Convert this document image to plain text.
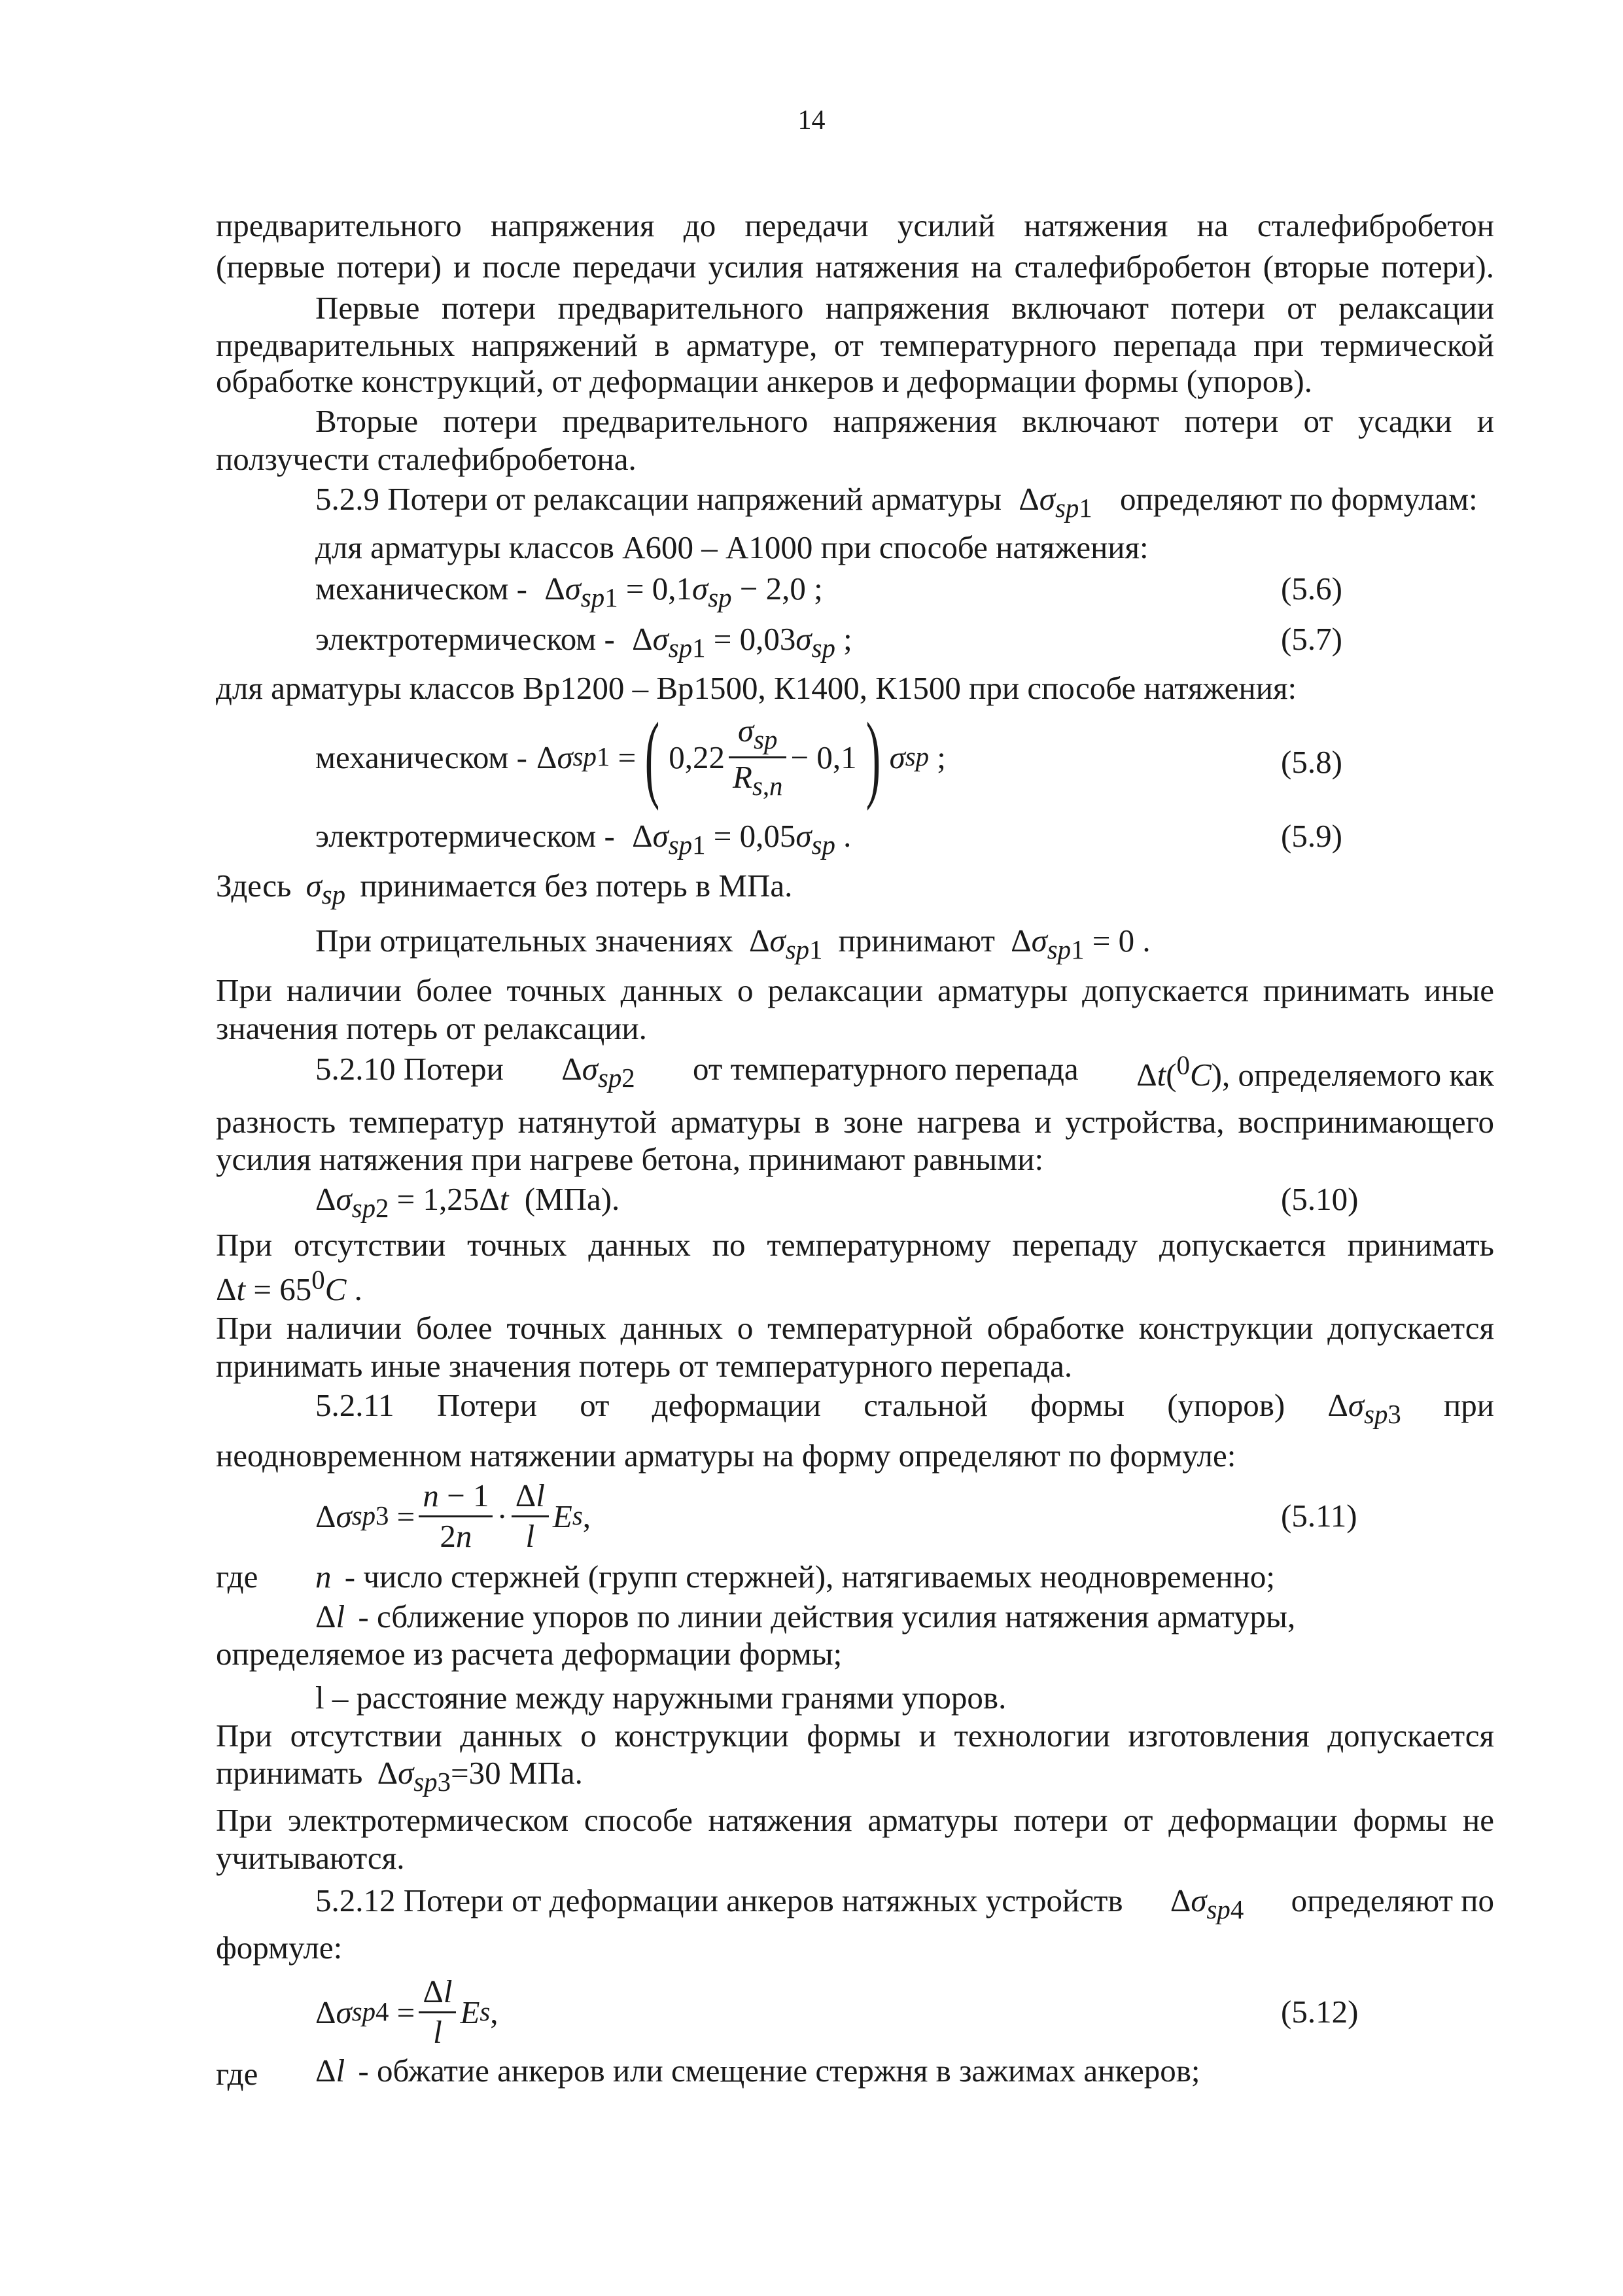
14
предварительного напряжения до передачи усилий натяжения на сталефибробетон
(первые потери) и после передачи усилия натяжения на сталефибробетон (вторые потери).
Первые потери предварительного напряжения включают потери от релаксации
предварительных напряжений в арматуре, от температурного перепада при термической
обработке конструкций, от деформации анкеров и деформации формы (упоров).
Вторые потери предварительного напряжения включают потери от усадки и
ползучести сталефибробетона.
5.2.9 Потери от релаксации напряжений арматуры $\Delta\sigma_{sp1}$ определяют по формулам:
для арматуры классов А600 – А1000 при способе натяжения:
механическом - $\Delta\sigma_{sp1} = 0,1\sigma_{sp} - 2,0$ ;	(5.6)
электротермическом - $\Delta\sigma_{sp1} = 0,03\sigma_{sp}$ ;	(5.7)
для арматуры классов Вр1200 – Вр1500, К1400, К1500 при способе натяжения:
механическом - Δ σ sp1 = ( 0,22
$\sigma_{sp}$
$R_{s,n}$
− 0,1 ) σ sp ;	(5.8)
электротермическом - $\Delta\sigma_{sp1} = 0,05\sigma_{sp}$ .	(5.9)
Здесь $\sigma_{sp}$ принимается без потерь в МПа.
При отрицательных значениях $\Delta\sigma_{sp1}$ принимают $\Delta\sigma_{sp1} = 0$ .
При наличии более точных данных о релаксации арматуры допускается принимать иные
значения потерь от релаксации.
5.2.10 Потери $\Delta\sigma_{sp2}$ от температурного перепада Δt($^0$C), определяемого как
разность температур натянутой арматуры в зоне нагрева и устройства, воспринимающего
усилия натяжения при нагреве бетона, принимают равными:
$\Delta\sigma_{sp2} = 1,25\Delta t$ (МПа).	(5.10)
При отсутствии точных данных по температурному перепаду допускается принимать
$\Delta t = 65^0C$ .
При наличии более точных данных о температурной обработке конструкции допускается
принимать иные значения потерь от температурного перепада.
5.2.11 Потери от деформации стальной формы (упоров) $\Delta\sigma_{sp3}$ при
неодновременном натяжении арматуры на форму определяют по формуле:
Δ σ sp3 =
n − 1
2n
·
Δl
l
E s ,	(5.11)
где n - число стержней (групп стержней), натягиваемых неодновременно;
Δl - сближение упоров по линии действия усилия натяжения арматуры,
определяемое из расчета деформации формы;
l – расстояние между наружными гранями упоров.
При отсутствии данных о конструкции формы и технологии изготовления допускается
принимать $\Delta\sigma_{sp3}=30$ МПа.
При электротермическом способе натяжения арматуры потери от деформации формы не
учитываются.
5.2.12 Потери от деформации анкеров натяжных устройств $\Delta\sigma_{sp4}$ определяют по
формуле:
Δ σ sp4 =
Δl
l
E s ,	(5.12)
где Δl - обжатие анкеров или смещение стержня в зажимах анкеров;
